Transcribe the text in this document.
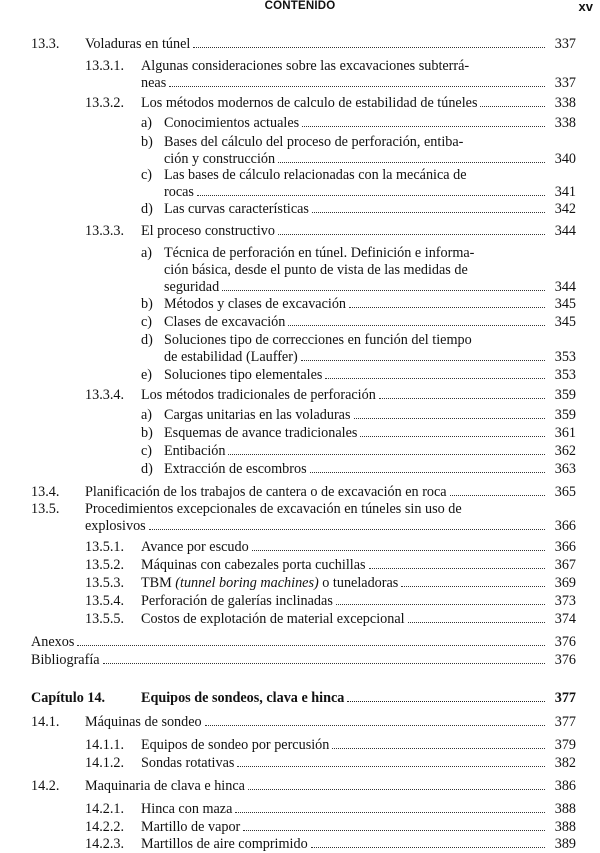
CONTENIDO	xv
13.3. Voladuras en túnel	337
13.3.1. Algunas consideraciones sobre las excavaciones subterrá-
neas	337
13.3.2. Los métodos modernos de calculo de estabilidad de túneles	338
a) Conocimientos actuales	338
b) Bases del cálculo del proceso de perforación, entiba-
ción y construcción	340
c) Las bases de cálculo relacionadas con la mecánica de
rocas	341
d) Las curvas características	342
13.3.3. El proceso constructivo	344
a) Técnica de perforación en túnel. Definición e informa-
ción básica, desde el punto de vista de las medidas de
seguridad	344
b) Métodos y clases de excavación	345
c) Clases de excavación	345
d) Soluciones tipo de correcciones en función del tiempo
de estabilidad (Lauffer)	353
e) Soluciones tipo elementales	353
13.3.4. Los métodos tradicionales de perforación	359
a) Cargas unitarias en las voladuras	359
b) Esquemas de avance tradicionales	361
c) Entibación	362
d) Extracción de escombros	363
13.4. Planificación de los trabajos de cantera o de excavación en roca	365
13.5. Procedimientos excepcionales de excavación en túneles sin uso de
explosivos	366
13.5.1. Avance por escudo	366
13.5.2. Máquinas con cabezales porta cuchillas	367
13.5.3. TBM (tunnel boring machines) o tuneladoras	369
13.5.4. Perforación de galerías inclinadas	373
13.5.5. Costos de explotación de material excepcional	374
Anexos	376
Bibliografía	376
Capítulo 14.	Equipos de sondeos, clava e hinca	377
14.1. Máquinas de sondeo	377
14.1.1. Equipos de sondeo por percusión	379
14.1.2. Sondas rotativas	382
14.2. Maquinaria de clava e hinca	386
14.2.1. Hinca con maza	388
14.2.2. Martillo de vapor	388
14.2.3. Martillos de aire comprimido	389
